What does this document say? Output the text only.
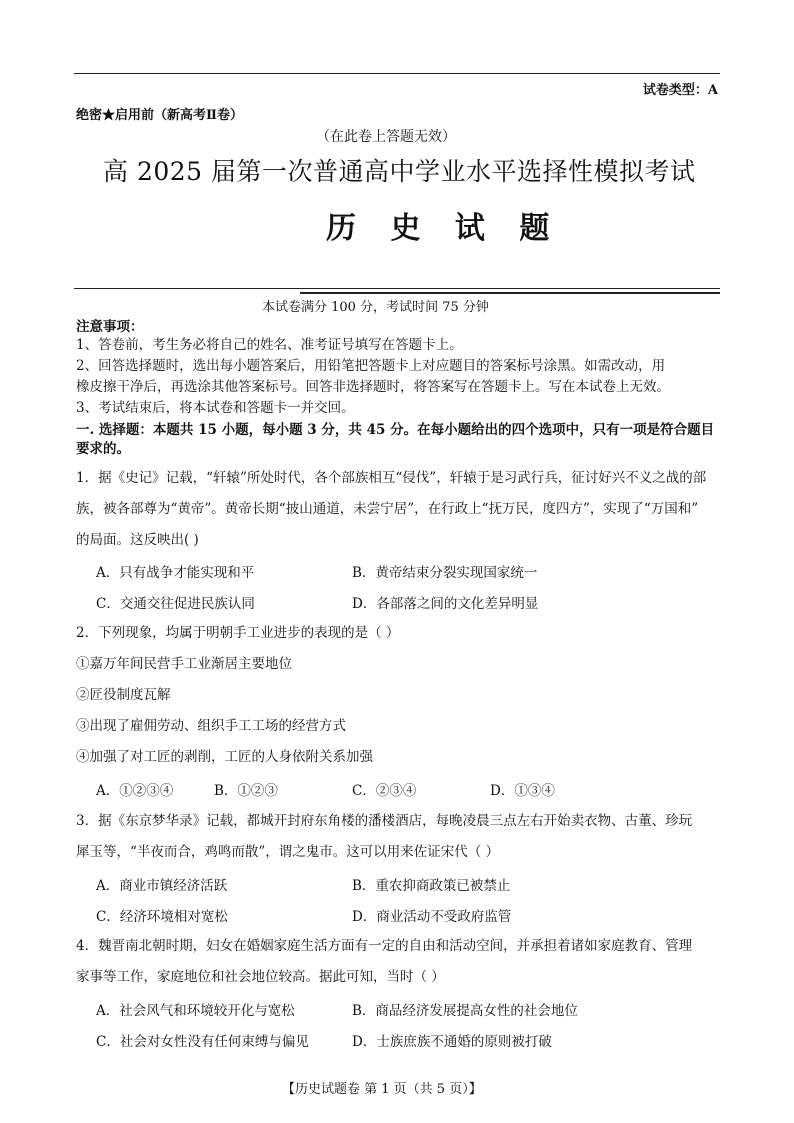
试卷类型：A
绝密★启用前（新高考Ⅱ卷）
（在此卷上答题无效）
高 2025 届第一次普通高中学业水平选择性模拟考试
历 史 试 题
本试卷满分 100 分，考试时间 75 分钟
注意事项：
1、答卷前，考生务必将自己的姓名、准考证号填写在答题卡上。
2、回答选择题时，选出每小题答案后，用铅笔把答题卡上对应题目的答案标号涂黑。如需改动，用
橡皮擦干净后，再选涂其他答案标号。回答非选择题时，将答案写在答题卡上。写在本试卷上无效。
3、考试结束后，将本试卷和答题卡一并交回。
一. 选择题：本题共 15 小题，每小题 3 分，共 45 分。在每小题给出的四个选项中，只有一项是符合题目
要求的。
1．据《史记》记载，“轩辕”所处时代，各个部族相互“侵伐”，轩辕于是习武行兵，征讨好兴不义之战的部
族，被各部尊为“黄帝”。黄帝长期“披山通道，未尝宁居”，在行政上“抚万民，度四方”，实现了“万国和”
的局面。这反映出( )
A．只有战争才能实现和平	B．黄帝结束分裂实现国家统一
C．交通交往促进民族认同	D．各部落之间的文化差异明显
2．下列现象，均属于明朝手工业进步的表现的是（ ）
①嘉万年间民营手工业渐居主要地位
②匠役制度瓦解
③出现了雇佣劳动、组织手工工场的经营方式
④加强了对工匠的剥削，工匠的人身依附关系加强
A．①②③④	B．①②③	C．②③④	D．①③④
3．据《东京梦华录》记载，都城开封府东角楼的潘楼酒店，每晚凌晨三点左右开始卖衣物、古董、珍玩
犀玉等，“半夜而合，鸡鸣而散”，谓之鬼市。这可以用来佐证宋代（ ）
A．商业市镇经济活跃	B．重农抑商政策已被禁止
C．经济环境相对宽松	D．商业活动不受政府监管
4．魏晋南北朝时期，妇女在婚姻家庭生活方面有一定的自由和活动空间，并承担着诸如家庭教育、管理
家事等工作，家庭地位和社会地位较高。据此可知，当时（ ）
A．社会风气和环境较开化与宽松	B．商品经济发展提高女性的社会地位
C．社会对女性没有任何束缚与偏见	D．士族庶族不通婚的原则被打破
【历史试题卷 第 1 页（共 5 页）】
